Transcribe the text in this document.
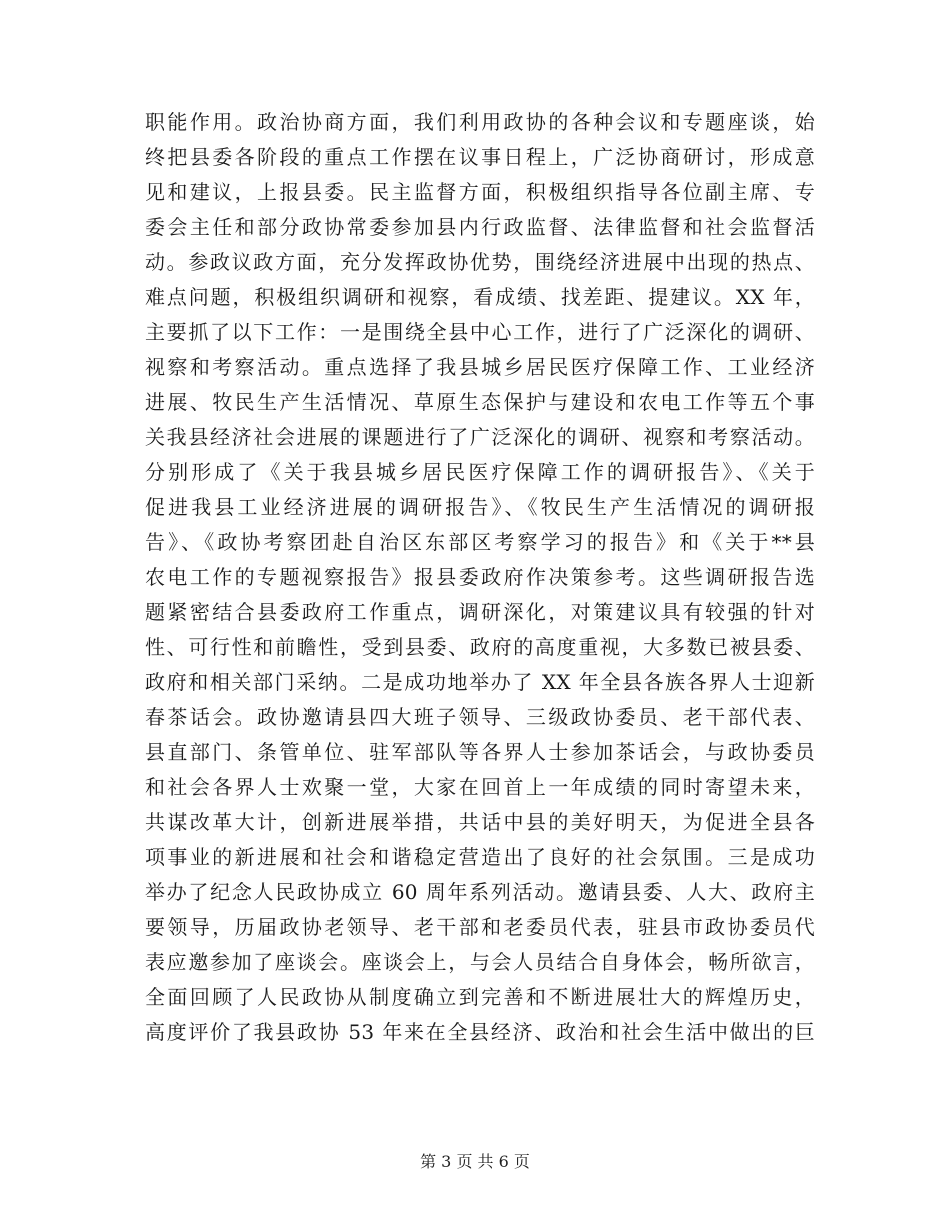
职能作用。政治协商方面，我们利用政协的各种会议和专题座谈，始
终把县委各阶段的重点工作摆在议事日程上，广泛协商研讨，形成意
见和建议，上报县委。民主监督方面，积极组织指导各位副主席、专
委会主任和部分政协常委参加县内行政监督、法律监督和社会监督活
动。参政议政方面，充分发挥政协优势，围绕经济进展中出现的热点、
难点问题，积极组织调研和视察，看成绩、找差距、提建议。XX 年，
主要抓了以下工作：一是围绕全县中心工作，进行了广泛深化的调研、
视察和考察活动。重点选择了我县城乡居民医疗保障工作、工业经济
进展、牧民生产生活情况、草原生态保护与建设和农电工作等五个事
关我县经济社会进展的课题进行了广泛深化的调研、视察和考察活动。
分别形成了《关于我县城乡居民医疗保障工作的调研报告》、《关于
促进我县工业经济进展的调研报告》、《牧民生产生活情况的调研报
告》、《政协考察团赴自治区东部区考察学习的报告》和《关于**县
农电工作的专题视察报告》报县委政府作决策参考。这些调研报告选
题紧密结合县委政府工作重点，调研深化，对策建议具有较强的针对
性、可行性和前瞻性，受到县委、政府的高度重视，大多数已被县委、
政府和相关部门采纳。二是成功地举办了 XX 年全县各族各界人士迎新
春茶话会。政协邀请县四大班子领导、三级政协委员、老干部代表、
县直部门、条管单位、驻军部队等各界人士参加茶话会，与政协委员
和社会各界人士欢聚一堂，大家在回首上一年成绩的同时寄望未来，
共谋改革大计，创新进展举措，共话中县的美好明天，为促进全县各
项事业的新进展和社会和谐稳定营造出了良好的社会氛围。三是成功
举办了纪念人民政协成立 60 周年系列活动。邀请县委、人大、政府主
要领导，历届政协老领导、老干部和老委员代表，驻县市政协委员代
表应邀参加了座谈会。座谈会上，与会人员结合自身体会，畅所欲言，
全面回顾了人民政协从制度确立到完善和不断进展壮大的辉煌历史，
高度评价了我县政协 53 年来在全县经济、政治和社会生活中做出的巨
第 3 页 共 6 页
